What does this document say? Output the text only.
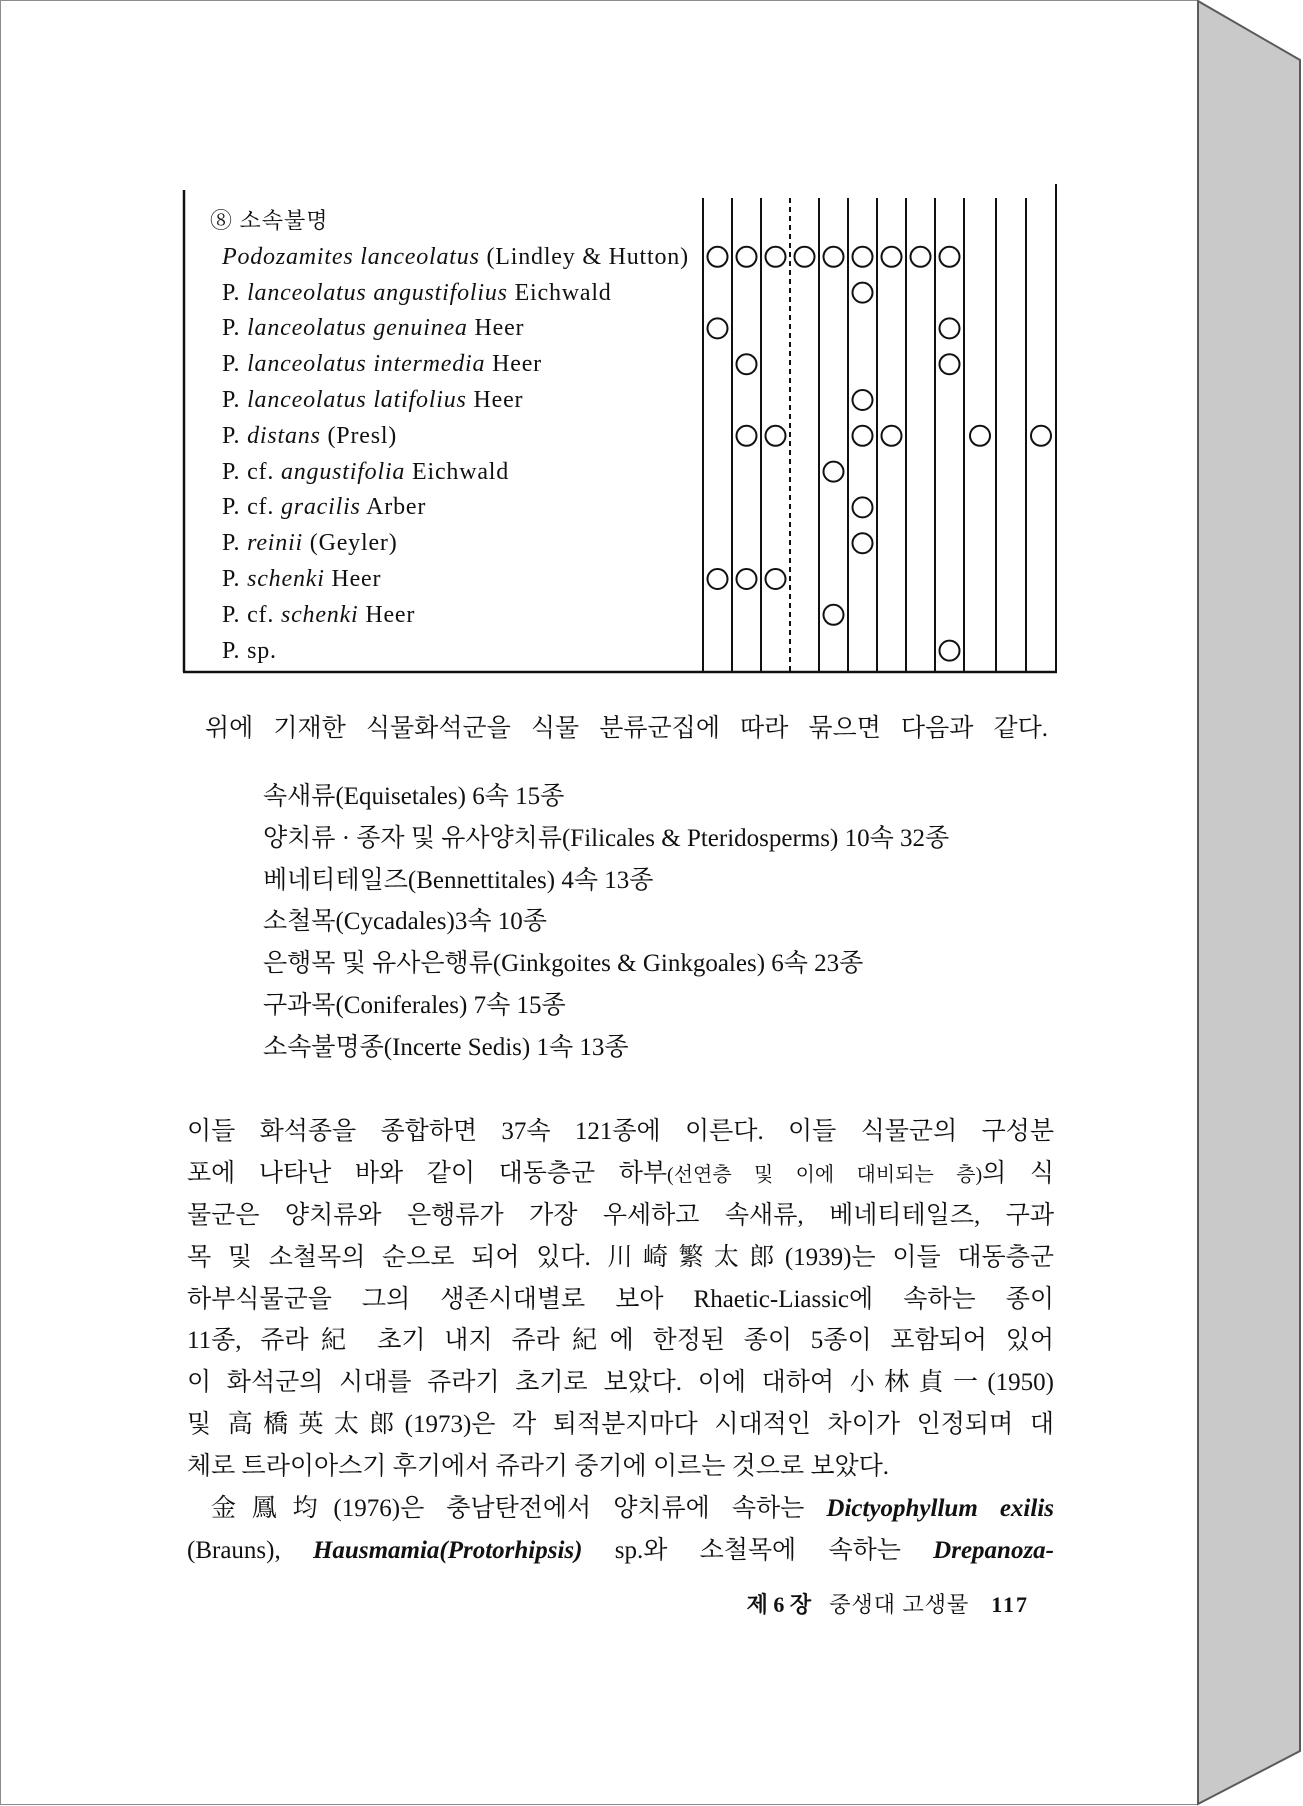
⑧ 소속불명
Podozamites lanceolatus (Lindley & Hutton)
P. lanceolatus angustifolius Eichwald
P. lanceolatus genuinea Heer
P. lanceolatus intermedia Heer
P. lanceolatus latifolius Heer
P. distans (Presl)
P. cf. angustifolia Eichwald
P. cf. gracilis Arber
P. reinii (Geyler)
P. schenki Heer
P. cf. schenki Heer
P. sp.
위에 기재한 식물화석군을 식물 분류군집에 따라 묶으면 다음과 같다.
속새류(Equisetales) 6속 15종
양치류 · 종자 및 유사양치류(Filicales & Pteridosperms) 10속 32종
베네티테일즈(Bennettitales) 4속 13종
소철목(Cycadales)3속 10종
은행목 및 유사은행류(Ginkgoites & Ginkgoales) 6속 23종
구과목(Coniferales) 7속 15종
소속불명종(Incerte Sedis) 1속 13종
이들 화석종을 종합하면 37속 121종에 이른다. 이들 식물군의 구성분
포에 나타난 바와 같이 대동층군 하부(선연층 및 이에 대비되는 층)의 식
물군은 양치류와 은행류가 가장 우세하고 속새류, 베네티테일즈, 구과
목 및 소철목의 순으로 되어 있다. 川崎繁太郎(1939)는 이들 대동층군
하부식물군을 그의 생존시대별로 보아 Rhaetic-Liassic에 속하는 종이
11종, 쥬라紀 초기 내지 쥬라紀에 한정된 종이 5종이 포함되어 있어
이 화석군의 시대를 쥬라기 초기로 보았다. 이에 대하여 小林貞一(1950)
및 高橋英太郎(1973)은 각 퇴적분지마다 시대적인 차이가 인정되며 대
체로 트라이아스기 후기에서 쥬라기 중기에 이르는 것으로 보았다.
金鳳均(1976)은 충남탄전에서 양치류에 속하는 Dictyophyllum exilis
(Brauns), Hausmamia(Protorhipsis) sp.와 소철목에 속하는 Drepanoza-
제 6 장 중생대 고생물 117
